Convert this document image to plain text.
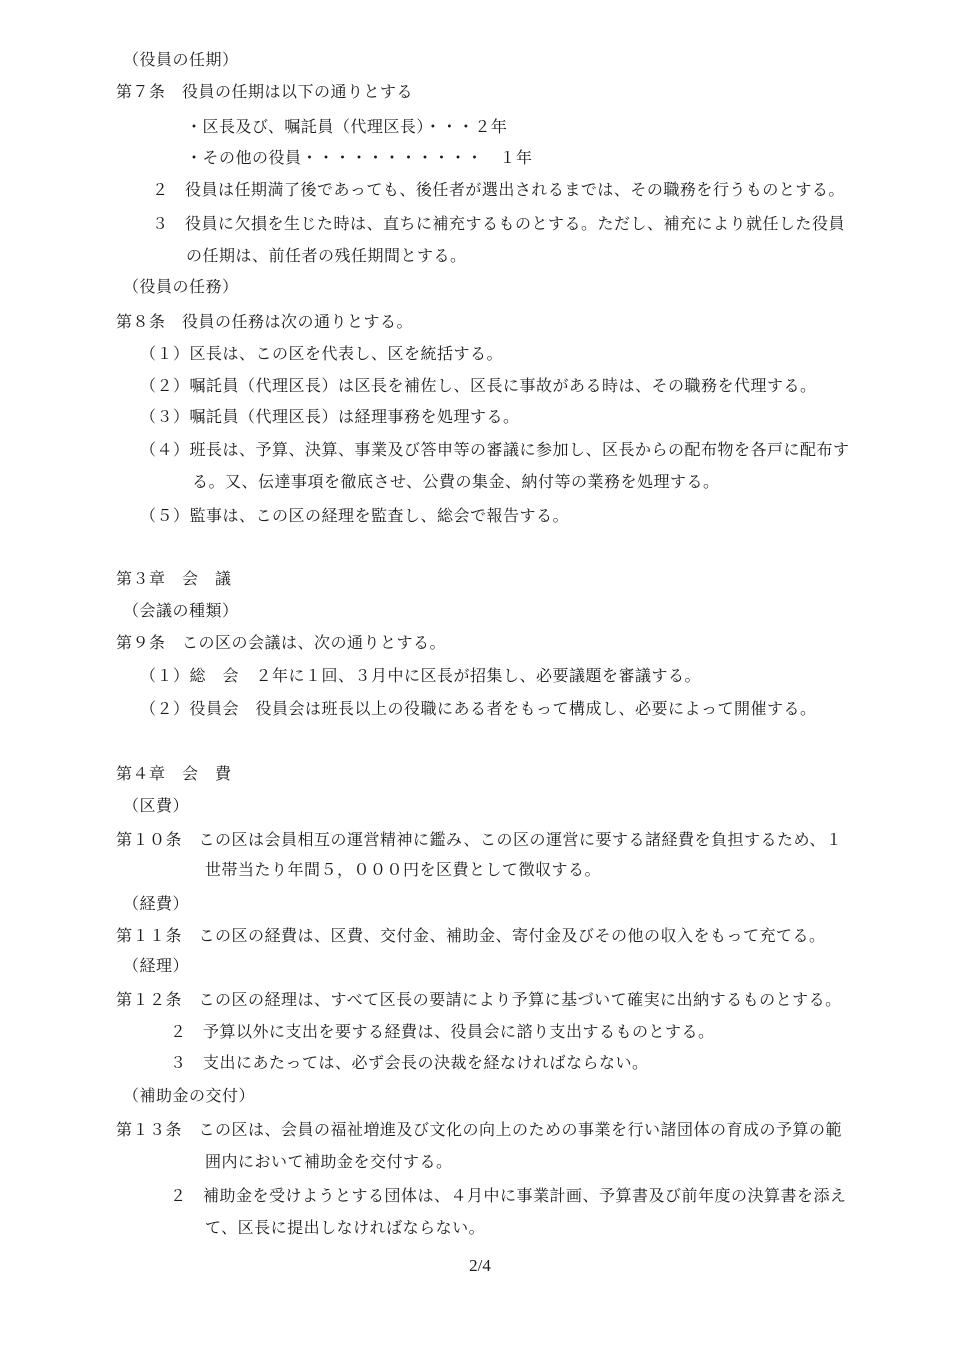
（役員の任期）
第７条　役員の任期は以下の通りとする
・区長及び、嘱託員（代理区長）・・・２年
・その他の役員・・・・・・・・・・・　１年
２　役員は任期満了後であっても、後任者が選出されるまでは、その職務を行うものとする。
３　役員に欠損を生じた時は、直ちに補充するものとする。ただし、補充により就任した役員
の任期は、前任者の残任期間とする。
（役員の任務）
第８条　役員の任務は次の通りとする。
（１）区長は、この区を代表し、区を統括する。
（２）嘱託員（代理区長）は区長を補佐し、区長に事故がある時は、その職務を代理する。
（３）嘱託員（代理区長）は経理事務を処理する。
（４）班長は、予算、決算、事業及び答申等の審議に参加し、区長からの配布物を各戸に配布す
る。又、伝達事項を徹底させ、公費の集金、納付等の業務を処理する。
（５）監事は、この区の経理を監査し、総会で報告する。
第３章　会　議
（会議の種類）
第９条　この区の会議は、次の通りとする。
（１）総　会　２年に１回、３月中に区長が招集し、必要議題を審議する。
（２）役員会　役員会は班長以上の役職にある者をもって構成し、必要によって開催する。
第４章　会　費
（区費）
第１０条　この区は会員相互の運営精神に鑑み、この区の運営に要する諸経費を負担するため、１
世帯当たり年間５，０００円を区費として徴収する。
（経費）
第１１条　この区の経費は、区費、交付金、補助金、寄付金及びその他の収入をもって充てる。
（経理）
第１２条　この区の経理は、すべて区長の要請により予算に基づいて確実に出納するものとする。
２　予算以外に支出を要する経費は、役員会に諮り支出するものとする。
３　支出にあたっては、必ず会長の決裁を経なければならない。
（補助金の交付）
第１３条　この区は、会員の福祉増進及び文化の向上のための事業を行い諸団体の育成の予算の範
囲内において補助金を交付する。
２　補助金を受けようとする団体は、４月中に事業計画、予算書及び前年度の決算書を添え
て、区長に提出しなければならない。
2/4
